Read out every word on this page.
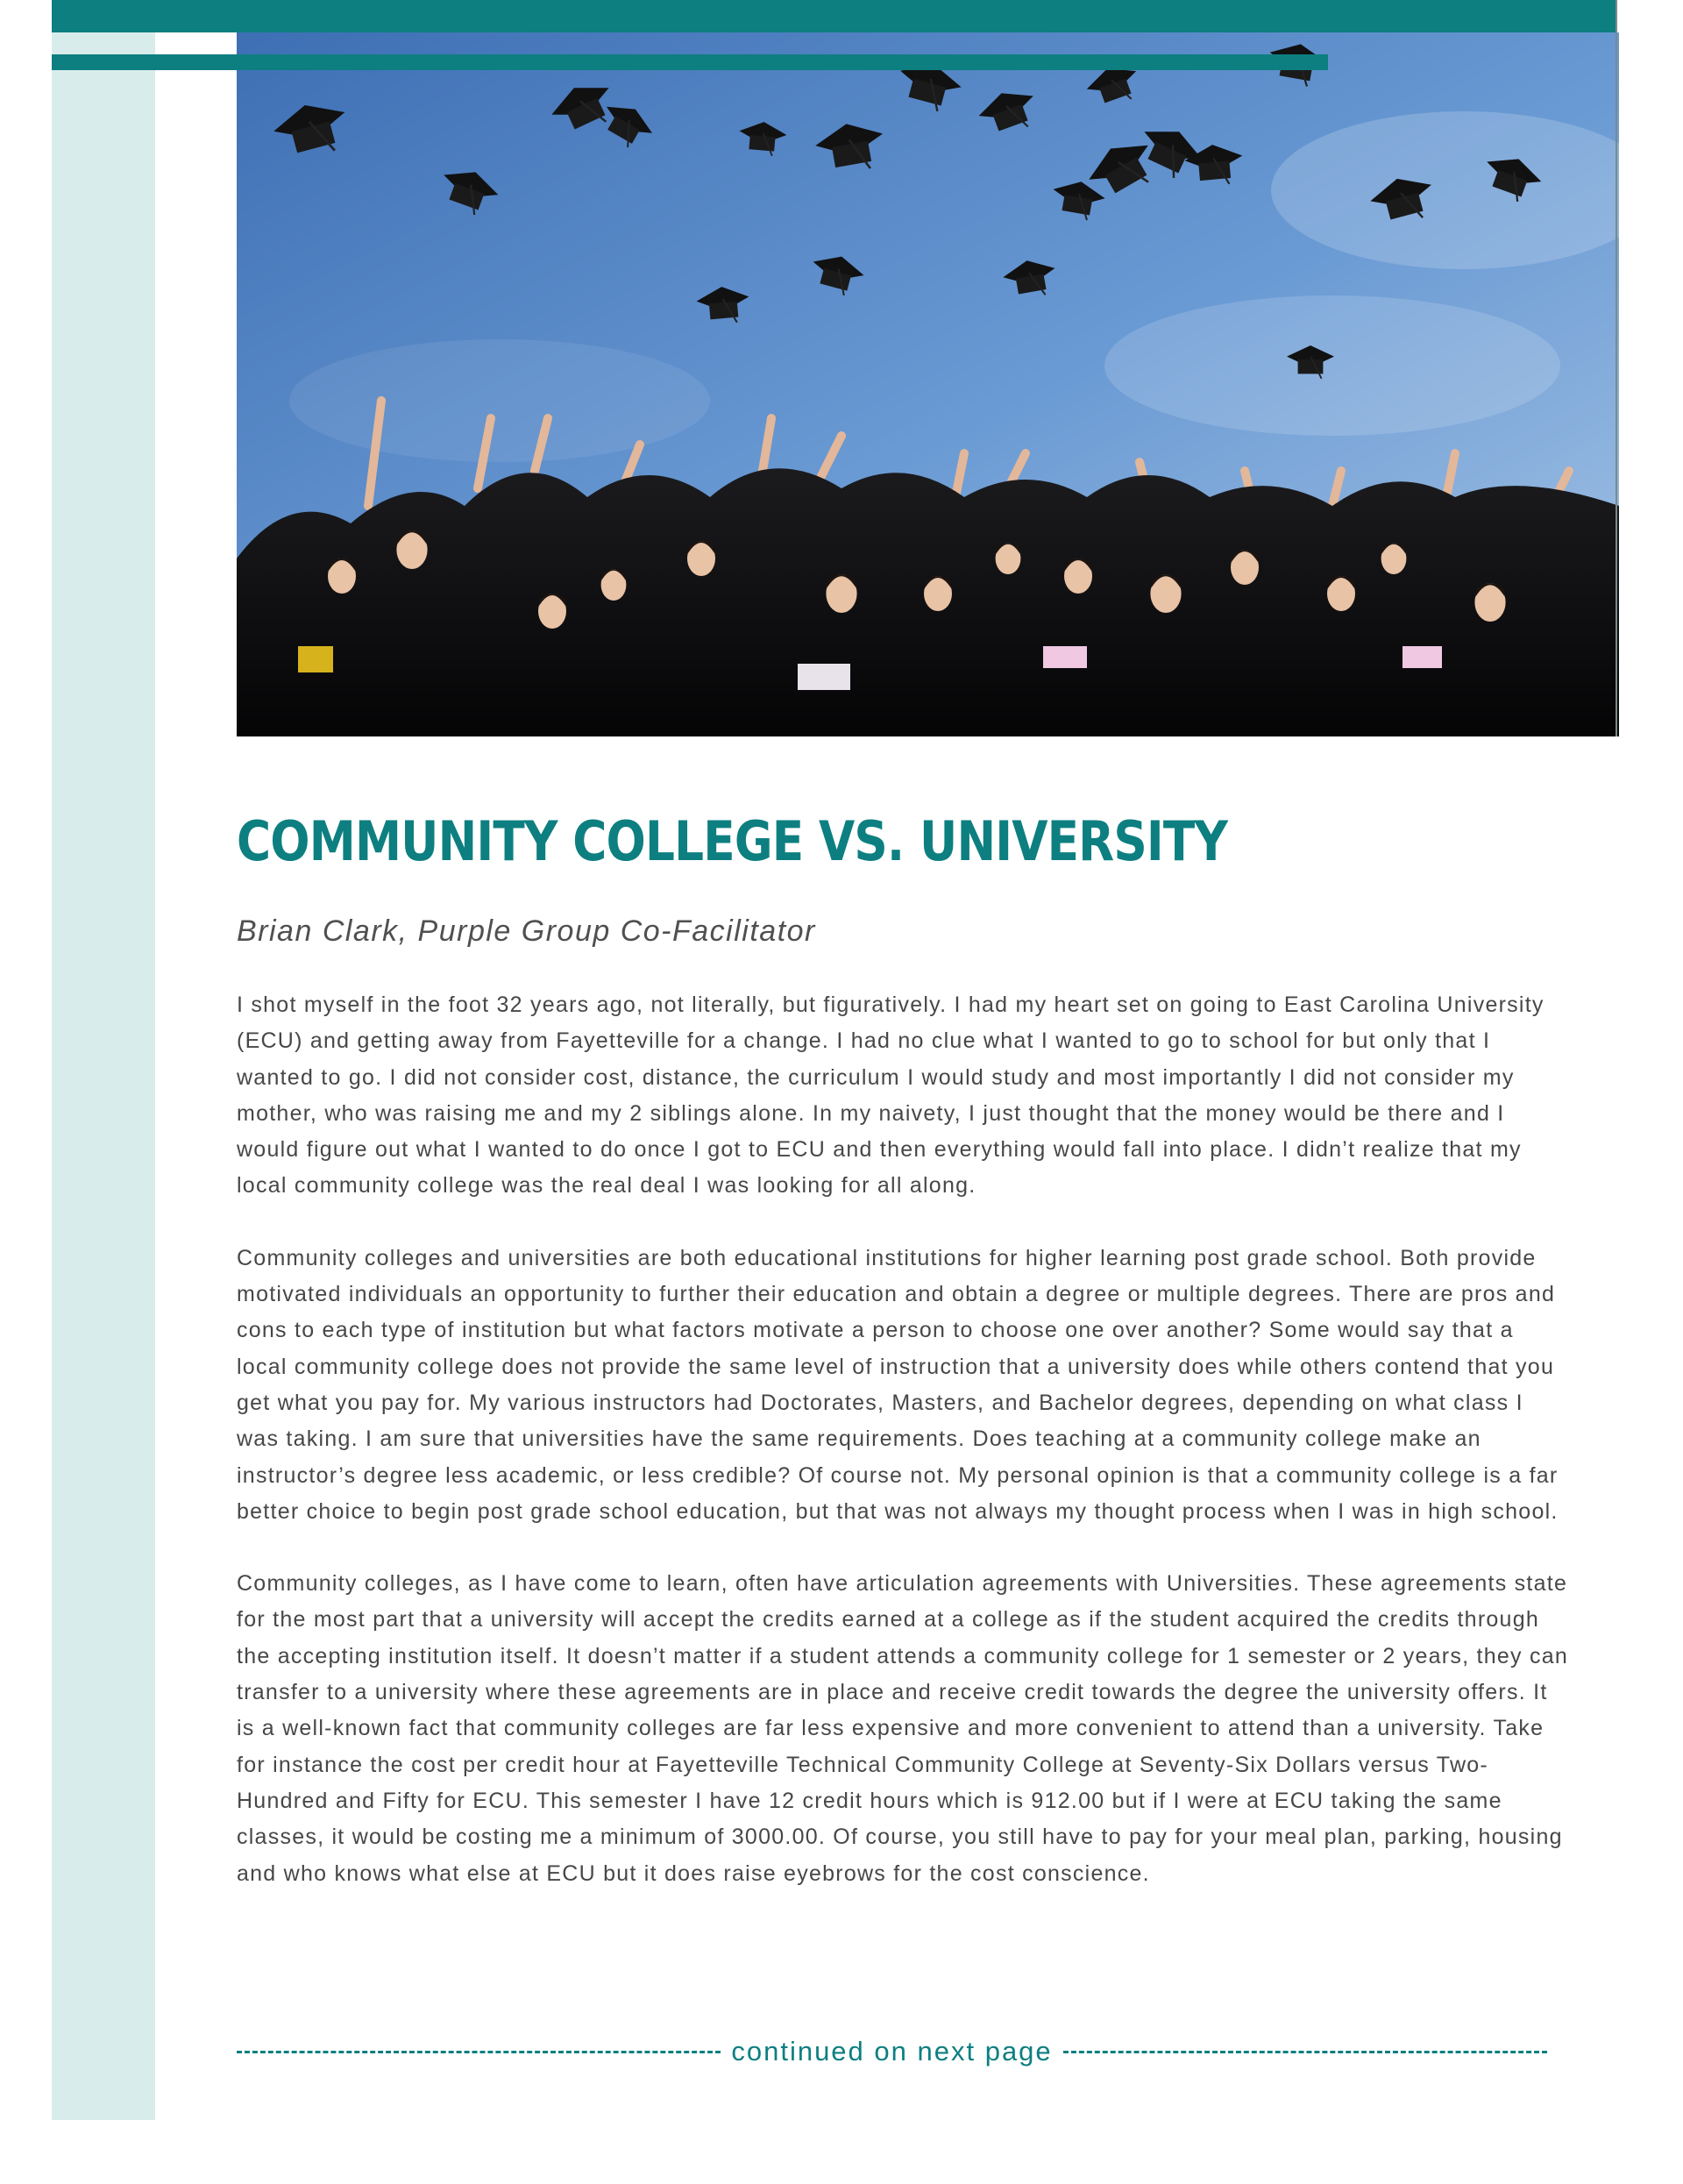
COMMUNITY COLLEGE VS. UNIVERSITY

Brian Clark, Purple Group Co-Facilitator

I shot myself in the foot 32 years ago, not literally, but figuratively. I had my heart set on going to East Carolina University (ECU) and getting away from Fayetteville for a change. I had no clue what I wanted to go to school for but only that I wanted to go. I did not consider cost, distance, the curriculum I would study and most importantly I did not consider my mother, who was raising me and my 2 siblings alone. In my naivety, I just thought that the money would be there and I would figure out what I wanted to do once I got to ECU and then everything would fall into place. I didn’t realize that my local community college was the real deal I was looking for all along.

Community colleges and universities are both educational institutions for higher learning post grade school. Both provide motivated individuals an opportunity to further their education and obtain a degree or multiple degrees. There are pros and cons to each type of institution but what factors motivate a person to choose one over another? Some would say that a local community college does not provide the same level of instruction that a university does while others contend that you get what you pay for. My various instructors had Doctorates, Masters, and Bachelor degrees, depending on what class I was taking. I am sure that universities have the same requirements. Does teaching at a community college make an instructor’s degree less academic, or less credible? Of course not. My personal opinion is that a community college is a far better choice to begin post grade school education, but that was not always my thought process when I was in high school.

Community colleges, as I have come to learn, often have articulation agreements with Universities. These agreements state for the most part that a university will accept the credits earned at a college as if the student acquired the credits through the accepting institution itself. It doesn’t matter if a student attends a community college for 1 semester or 2 years, they can transfer to a university where these agreements are in place and receive credit towards the degree the university offers. It is a well-known fact that community colleges are far less expensive and more convenient to attend than a university. Take for instance the cost per credit hour at Fayetteville Technical Community College at Seventy-Six Dollars versus Two-Hundred and Fifty for ECU. This semester I have 12 credit hours which is 912.00 but if I were at ECU taking the same classes, it would be costing me a minimum of 3000.00. Of course, you still have to pay for your meal plan, parking, housing and who knows what else at ECU but it does raise eyebrows for the cost conscience.

continued on next page
